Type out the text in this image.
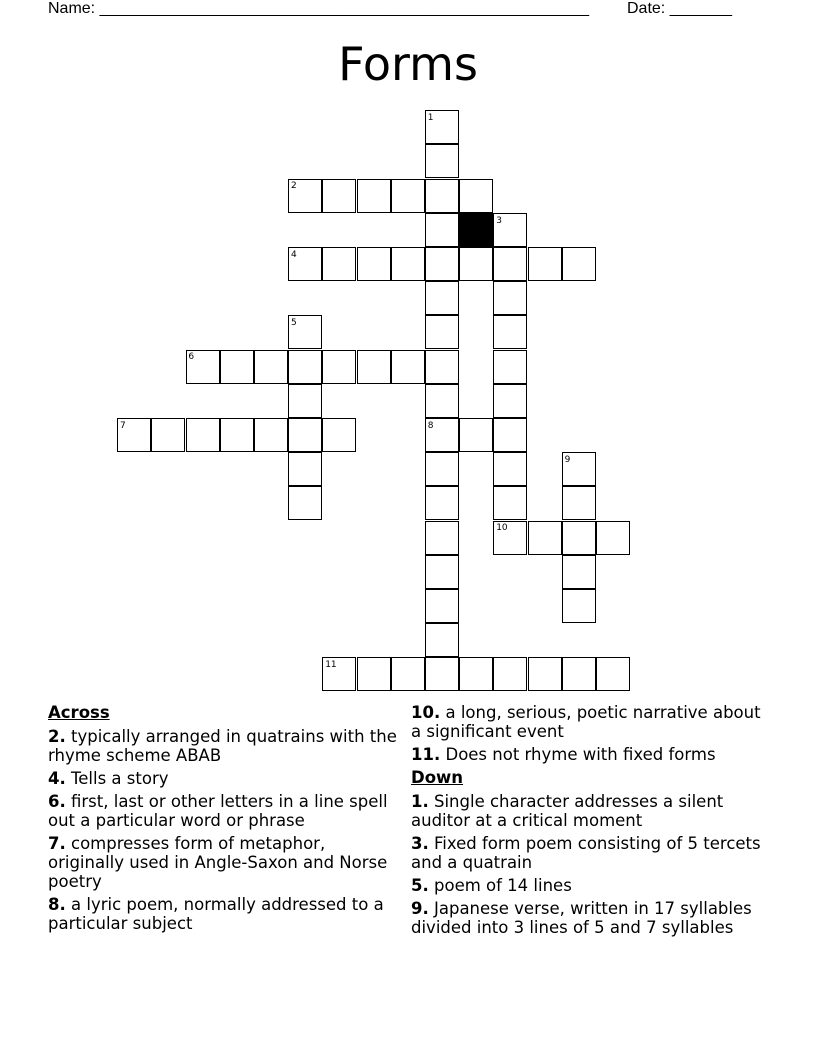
Name: _______________________________________________________ Date: _______
Forms
1
2
3
4
5
6
7	8
9
10
11
Across
2. typically arranged in quatrains with the rhyme scheme ABAB
4. Tells a story
6. first, last or other letters in a line spell out a particular word or phrase
7. compresses form of metaphor, originally used in Angle-Saxon and Norse poetry
8. a lyric poem, normally addressed to a particular subject
10. a long, serious, poetic narrative about a significant event
11. Does not rhyme with fixed forms
Down
1. Single character addresses a silent auditor at a critical moment
3. Fixed form poem consisting of 5 tercets and a quatrain
5. poem of 14 lines
9. Japanese verse, written in 17 syllables divided into 3 lines of 5 and 7 syllables
